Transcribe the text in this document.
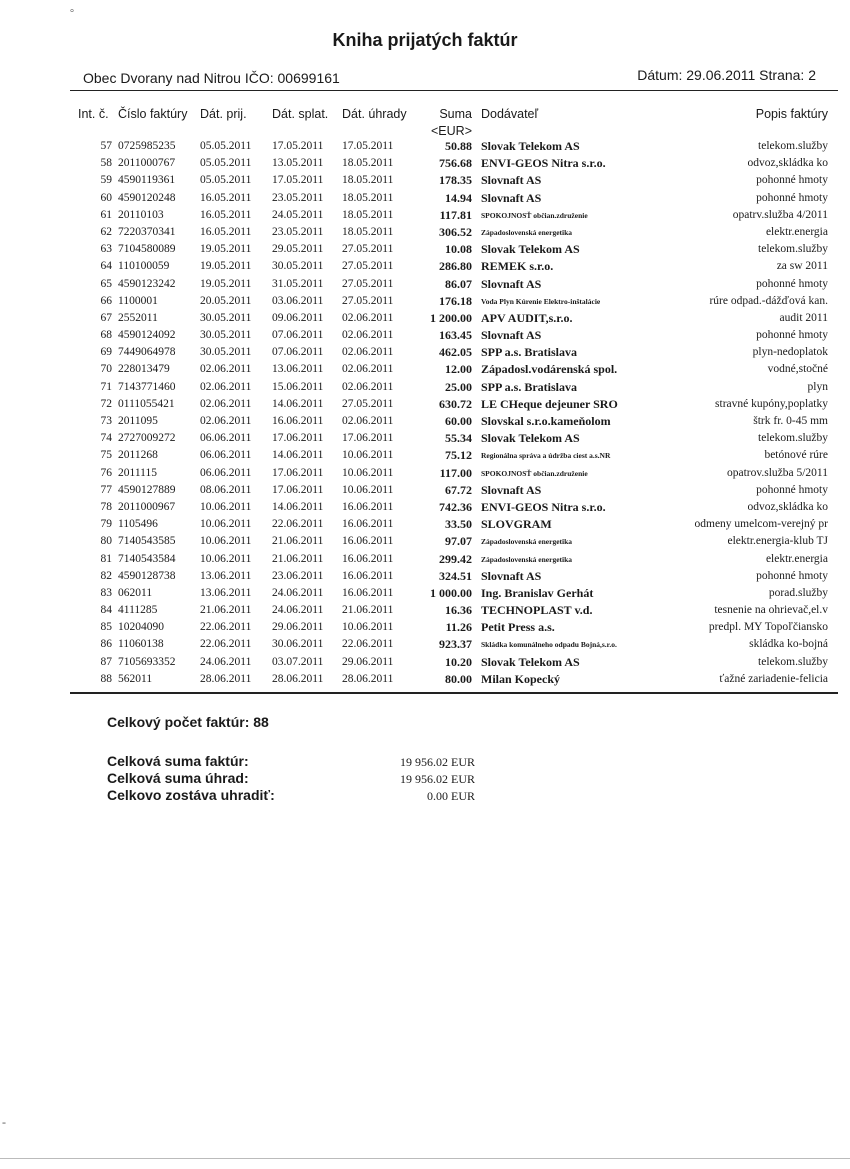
°
-
Kniha prijatých faktúr
Obec Dvorany nad Nitrou IČO: 00699161	Dátum: 29.06.2011 Strana: 2
Int. č. Číslo faktúry Dát. prij. Dát. splat. Dát. úhrady	Suma
<EUR>
Dodávateľ	Popis faktúry
57 0725985235 05.05.2011 17.05.2011 17.05.2011	50.88 Slovak Telekom AS	telekom.služby
58 2011000767 05.05.2011 13.05.2011 18.05.2011	756.68 ENVI-GEOS Nitra s.r.o.	odvoz,skládka ko
59 4590119361 05.05.2011 17.05.2011 18.05.2011	178.35 Slovnaft AS	pohonné hmoty
60 4590120248 16.05.2011 23.05.2011 18.05.2011	14.94 Slovnaft AS	pohonné hmoty
61 20110103	16.05.2011 24.05.2011 18.05.2011	117.81 SPOKOJNOSŤ občian.združenie	opatrv.služba 4/2011
62 7220370341 16.05.2011 23.05.2011 18.05.2011	306.52 Západoslovenská energetika	elektr.energia
63 7104580089 19.05.2011 29.05.2011 27.05.2011	10.08 Slovak Telekom AS	telekom.služby
64 110100059	19.05.2011 30.05.2011 27.05.2011	286.80 REMEK s.r.o.	za sw 2011
65 4590123242 19.05.2011 31.05.2011 27.05.2011	86.07 Slovnaft AS	pohonné hmoty
66 1100001	20.05.2011 03.06.2011 27.05.2011	176.18 Voda Plyn Kúrenie Elektro-inštalácie	rúre odpad.-dážďová kan.
67 2552011	30.05.2011 09.06.2011 02.06.2011	1 200.00 APV AUDIT,s.r.o.	audit 2011
68 4590124092 30.05.2011 07.06.2011 02.06.2011	163.45 Slovnaft AS	pohonné hmoty
69 7449064978 30.05.2011 07.06.2011 02.06.2011	462.05 SPP a.s. Bratislava	plyn-nedoplatok
70 228013479	02.06.2011 13.06.2011 02.06.2011	12.00 Západosl.vodárenská spol.	vodné,stočné
71 7143771460 02.06.2011 15.06.2011 02.06.2011	25.00 SPP a.s. Bratislava	plyn
72 0111055421 02.06.2011 14.06.2011 27.05.2011	630.72 LE CHeque dejeuner SRO	stravné kupóny,poplatky
73 2011095	02.06.2011 16.06.2011 02.06.2011	60.00 Slovskal s.r.o.kameňolom	štrk fr. 0-45 mm
74 2727009272 06.06.2011 17.06.2011 17.06.2011	55.34 Slovak Telekom AS	telekom.služby
75 2011268	06.06.2011 14.06.2011 10.06.2011	75.12 Regionálna správa a údržba ciest a.s.NR	betónové rúre
76 2011115	06.06.2011 17.06.2011 10.06.2011	117.00 SPOKOJNOSŤ občian.združenie	opatrov.služba 5/2011
77 4590127889 08.06.2011 17.06.2011 10.06.2011	67.72 Slovnaft AS	pohonné hmoty
78 2011000967 10.06.2011 14.06.2011 16.06.2011	742.36 ENVI-GEOS Nitra s.r.o.	odvoz,skládka ko
79 1105496	10.06.2011 22.06.2011 16.06.2011	33.50 SLOVGRAM	odmeny umelcom-verejný pr
80 7140543585 10.06.2011 21.06.2011 16.06.2011	97.07 Západoslovenská energetika	elektr.energia-klub TJ
81 7140543584 10.06.2011 21.06.2011 16.06.2011	299.42 Západoslovenská energetika	elektr.energia
82 4590128738 13.06.2011 23.06.2011 16.06.2011	324.51 Slovnaft AS	pohonné hmoty
83 062011	13.06.2011 24.06.2011 16.06.2011	1 000.00 Ing. Branislav Gerhát	porad.služby
84 4111285	21.06.2011 24.06.2011 21.06.2011	16.36 TECHNOPLAST v.d.	tesnenie na ohrievač,el.v
85 10204090	22.06.2011 29.06.2011 10.06.2011	11.26 Petit Press a.s.	predpl. MY Topoľčiansko
86 11060138	22.06.2011 30.06.2011 22.06.2011	923.37 Skládka komunálneho odpadu Bojná,s.r.o.	skládka ko-bojná
87 7105693352 24.06.2011 03.07.2011 29.06.2011	10.20 Slovak Telekom AS	telekom.služby
88 562011	28.06.2011 28.06.2011 28.06.2011	80.00 Milan Kopecký	ťažné zariadenie-felicia
Celkový počet faktúr: 88
Celková suma faktúr:	19 956.02 EUR
Celková suma úhrad:	19 956.02 EUR
Celkovo zostáva uhradiť:	0.00 EUR
